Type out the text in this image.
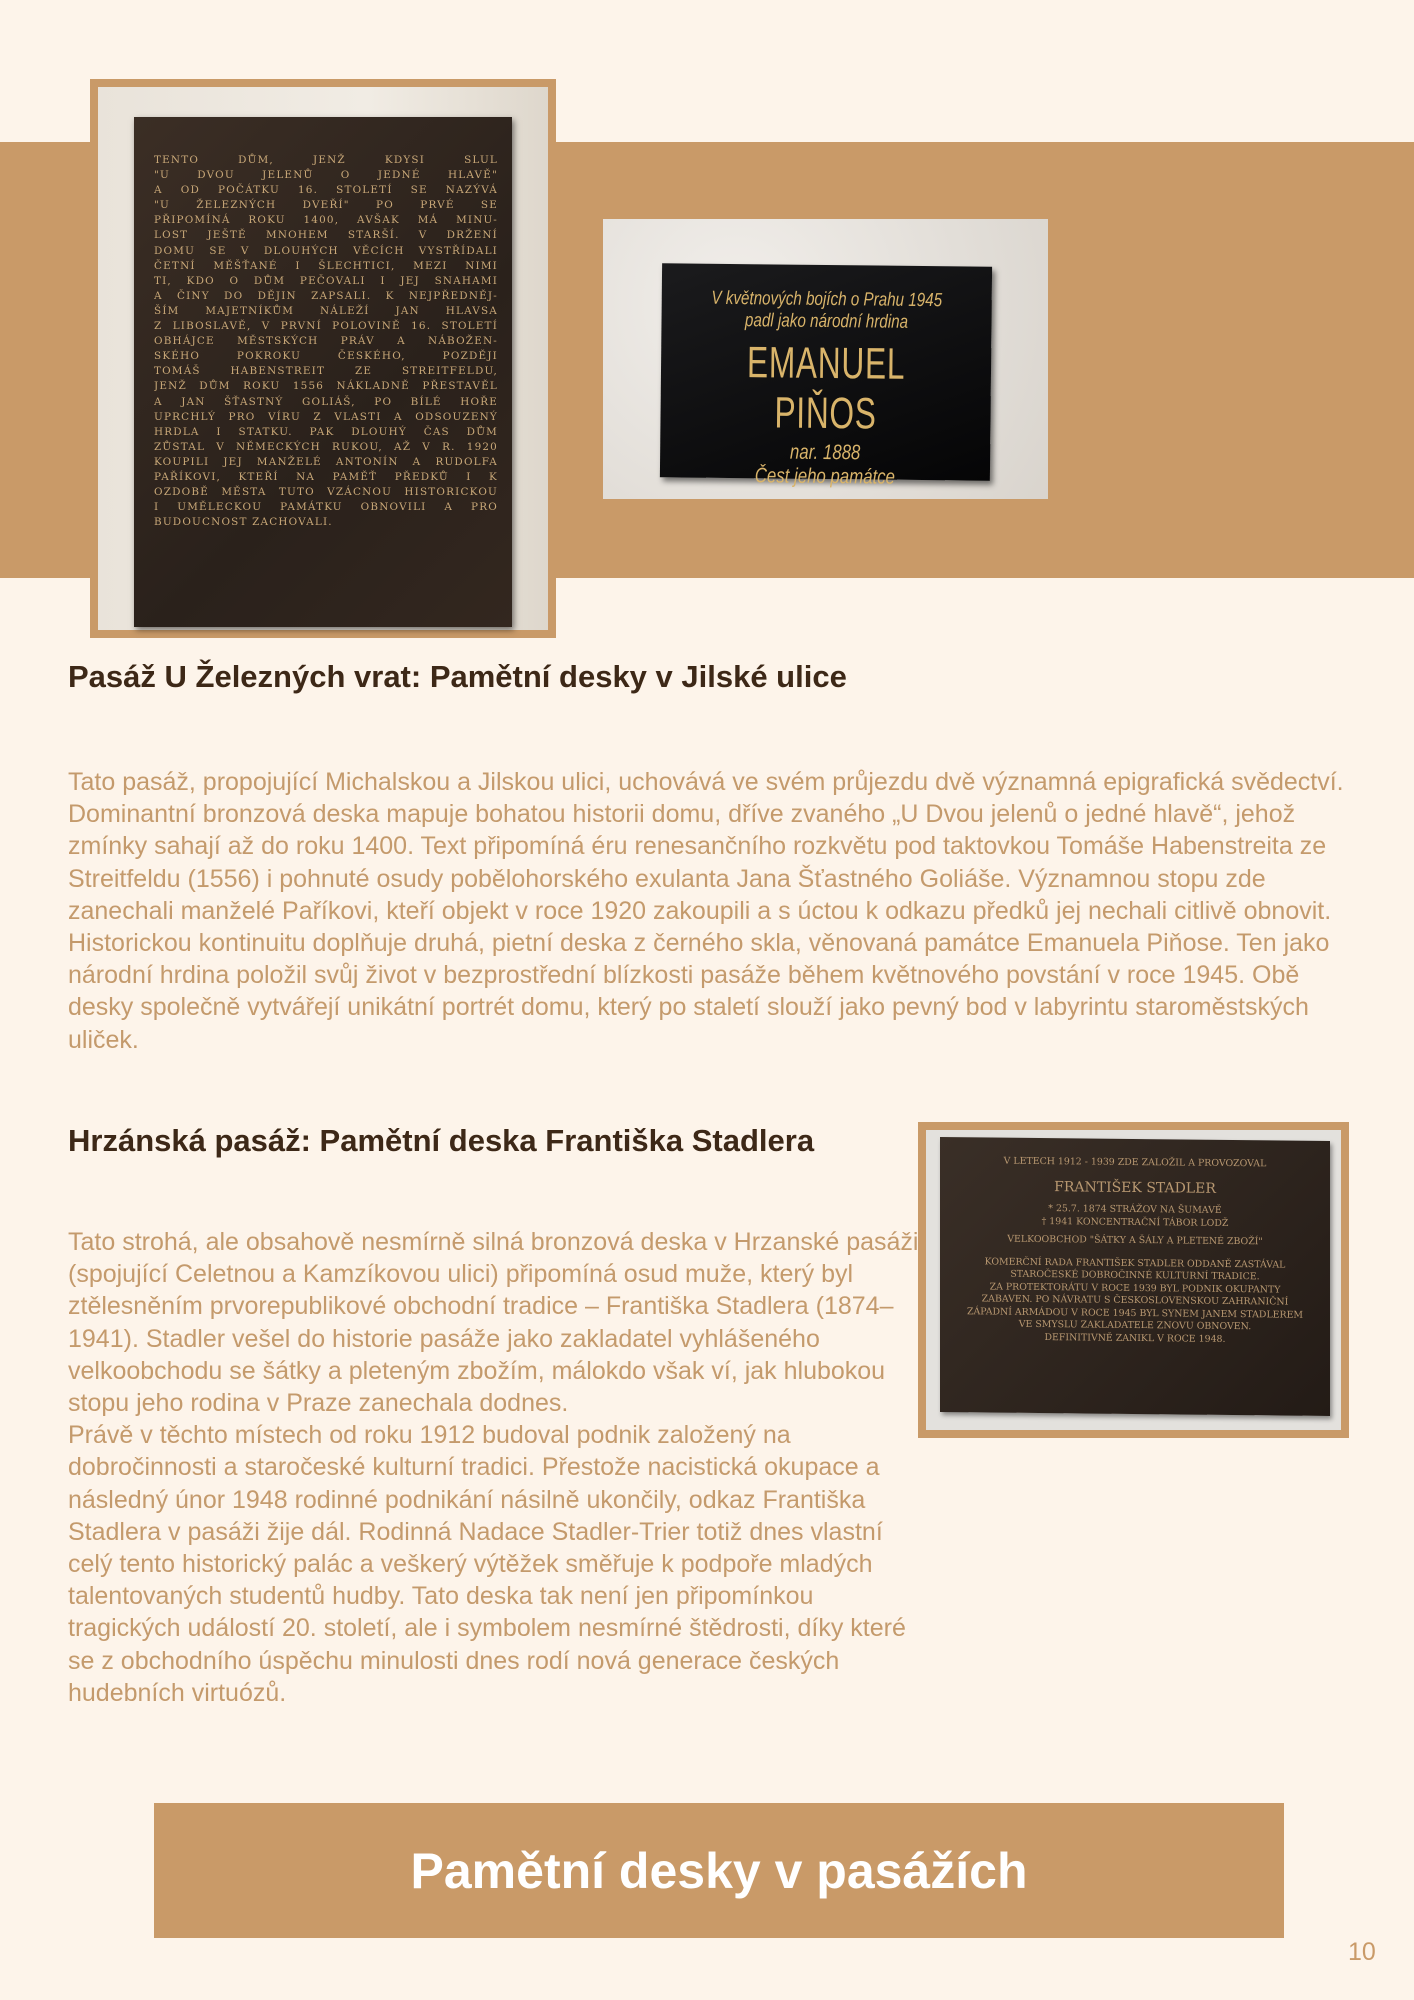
TENTO DŮM, JENŽ KDYSI SLUL
"U DVOU JELENŮ O JEDNÉ HLAVĚ"
A OD POČÁTKU 16. STOLETÍ SE NAZÝVÁ
"U ŽELEZNÝCH DVEŘÍ" PO PRVÉ SE
PŘIPOMÍNÁ ROKU 1400, AVŠAK MÁ MINU-
LOST JEŠTĚ MNOHEM STARŠÍ. V DRŽENÍ
DOMU SE V DLOUHÝCH VĚCÍCH VYSTŘÍDALI
ČETNÍ MĚŠŤANÉ I ŠLECHTICI, MEZI NIMI
TI, KDO O DŮM PEČOVALI I JEJ SNAHAMI
A ČINY DO DĚJIN ZAPSALI. K NEJPŘEDNĚJ-
ŠÍM MAJETNÍKŮM NÁLEŽÍ JAN HLAVSA
Z LIBOSLAVĚ, V PRVNÍ POLOVINĚ 16. STOLETÍ
OBHÁJCE MĚSTSKÝCH PRÁV A NÁBOŽEN-
SKÉHO POKROKU ČESKÉHO, POZDĚJI
TOMÁŠ HABENSTREIT ZE STREITFELDU,
JENŽ DŮM ROKU 1556 NÁKLADNĚ PŘESTAVĚL
A JAN ŠŤASTNÝ GOLIÁŠ, PO BÍLÉ HOŘE
UPRCHLÝ PRO VÍRU Z VLASTI A ODSOUZENÝ
HRDLA I STATKU. PAK DLOUHÝ ČAS DŮM
ZŮSTAL V NĚMECKÝCH RUKOU, AŽ V R. 1920
KOUPILI JEJ MANŽELÉ ANTONÍN A RUDOLFA
PAŘÍKOVI, KTEŘÍ NA PAMĚŤ PŘEDKŮ I K
OZDOBĚ MĚSTA TUTO VZÁCNOU HISTORICKOU
I UMĚLECKOU PAMÁTKU OBNOVILI A PRO
BUDOUCNOST ZACHOVALI.
V květnových bojích o Prahu 1945
padl jako národní hrdina
EMANUEL PIŇOS
nar. 1888
Čest jeho památce
Pasáž U Železných vrat: Pamětní desky v Jilské ulice

Tato pasáž, propojující Michalskou a Jilskou ulici, uchovává ve svém průjezdu dvě významná epigrafická svědectví. Dominantní bronzová deska mapuje bohatou historii domu, dříve zvaného „U Dvou jelenů o jedné hlavě“, jehož zmínky sahají až do roku 1400. Text připomíná éru renesančního rozkvětu pod taktovkou Tomáše Habenstreita ze Streitfeldu (1556) i pohnuté osudy pobělohorského exulanta Jana Šťastného Goliáše. Významnou stopu zde zanechali manželé Paříkovi, kteří objekt v roce 1920 zakoupili a s úctou k odkazu předků jej nechali citlivě obnovit. Historickou kontinuitu doplňuje druhá, pietní deska z černého skla, věnovaná památce Emanuela Piňose. Ten jako národní hrdina položil svůj život v bezprostřední blízkosti pasáže během květnového povstání v roce 1945. Obě desky společně vytvářejí unikátní portrét domu, který po staletí slouží jako pevný bod v labyrintu staroměstských uliček.

Hrzánská pasáž: Pamětní deska Františka Stadlera
Tato strohá, ale obsahově nesmírně silná bronzová deska v Hrzanské pasáži (spojující Celetnou a Kamzíkovou ulici) připomíná osud muže, který byl ztělesněním prvorepublikové obchodní tradice – Františka Stadlera (1874–1941). Stadler vešel do historie pasáže jako zakladatel vyhlášeného velkoobchodu se šátky a pleteným zbožím, málokdo však ví, jak hlubokou stopu jeho rodina v Praze zanechala dodnes.
Právě v těchto místech od roku 1912 budoval podnik založený na dobročinnosti a staročeské kulturní tradici. Přestože nacistická okupace a následný únor 1948 rodinné podnikání násilně ukončily, odkaz Františka Stadlera v pasáži žije dál. Rodinná Nadace Stadler-Trier totiž dnes vlastní celý tento historický palác a veškerý výtěžek směřuje k podpoře mladých talentovaných studentů hudby. Tato deska tak není jen připomínkou tragických událostí 20. století, ale i symbolem nesmírné štědrosti, díky které se z obchodního úspěchu minulosti dnes rodí nová generace českých hudebních virtuózů.
V LETECH 1912 - 1939 ZDE ZALOŽIL A PROVOZOVAL
FRANTIŠEK STADLER
* 25.7. 1874 STRÁŽOV NA ŠUMAVĚ
† 1941 KONCENTRAČNÍ TÁBOR LODŽ
VELKOOBCHOD "ŠÁTKY A ŠÁLY A PLETENÉ ZBOŽÍ"
KOMERČNÍ RADA FRANTIŠEK STADLER ODDANĚ ZASTÁVAL
STAROČESKÉ DOBROČINNÉ KULTURNÍ TRADICE.
ZA PROTEKTORÁTU V ROCE 1939 BYL PODNIK OKUPANTY
ZABAVEN. PO NÁVRATU S ČESKOSLOVENSKOU ZAHRANIČNÍ
ZÁPADNÍ ARMÁDOU V ROCE 1945 BYL SYNEM JANEM STADLEREM
VE SMYSLU ZAKLADATELE ZNOVU OBNOVEN.
DEFINITIVNĚ ZANIKL V ROCE 1948.
Pamětní desky v pasážích
10
